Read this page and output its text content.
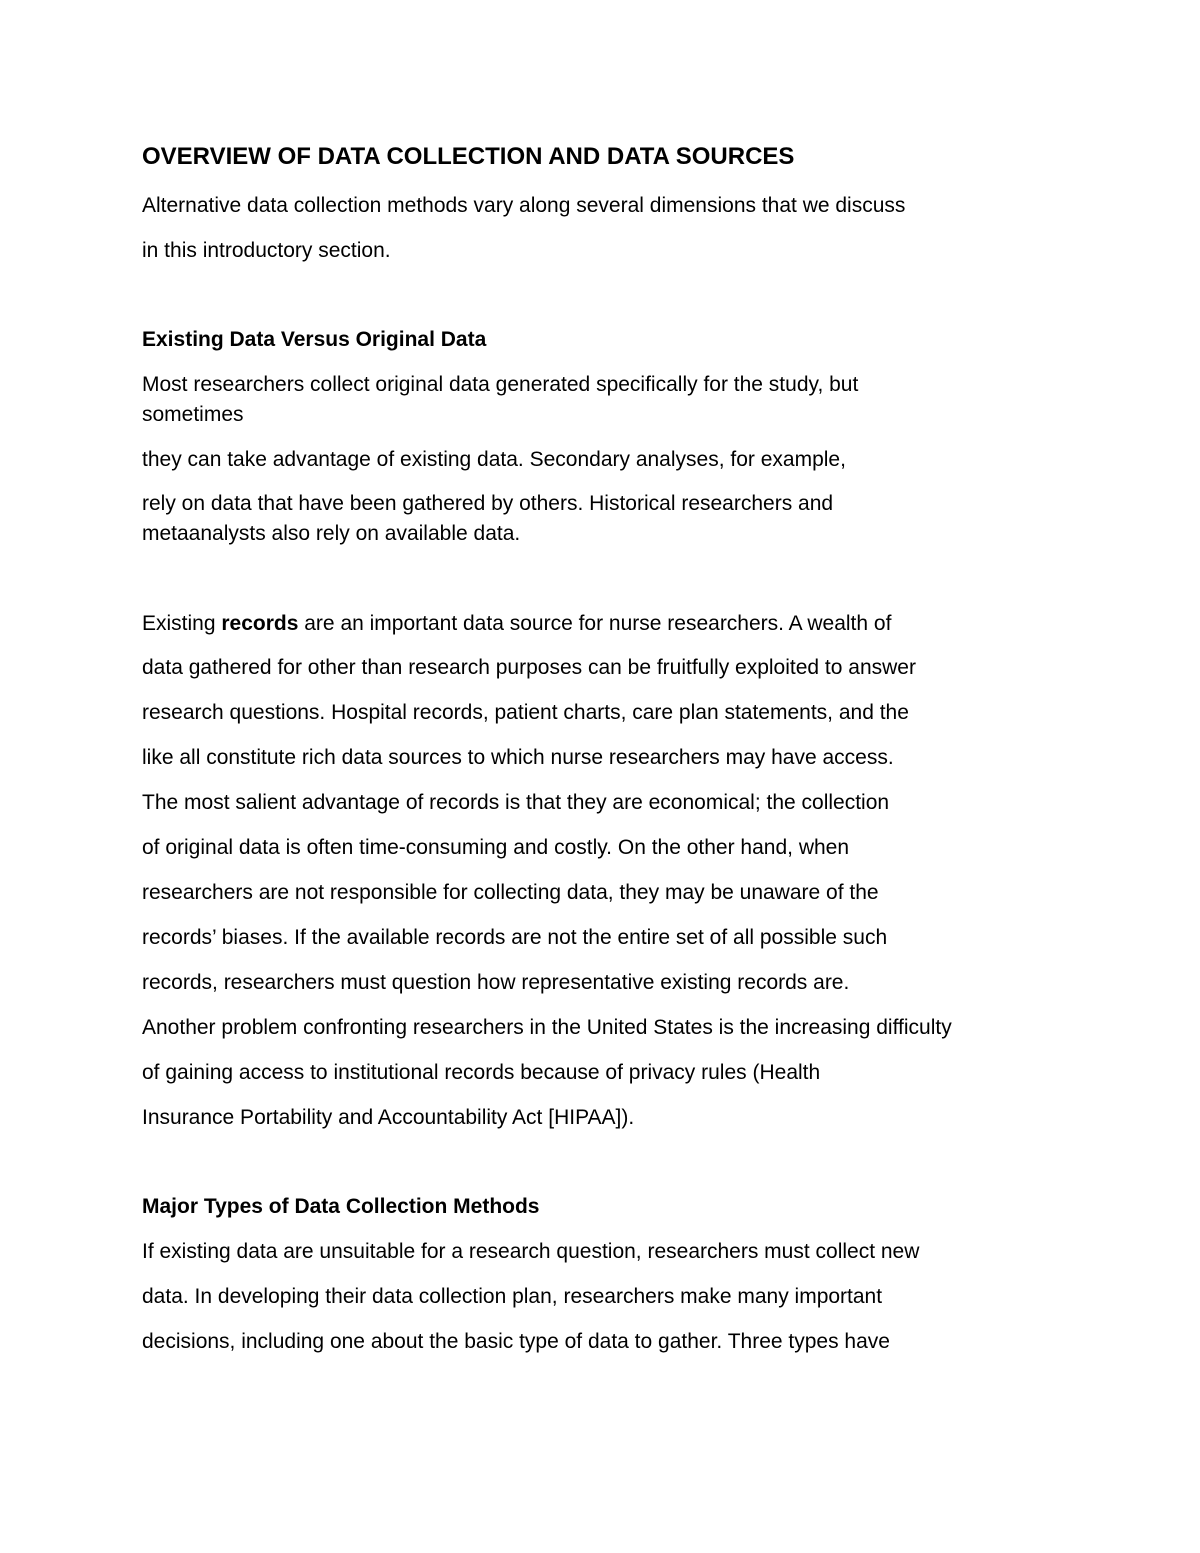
OVERVIEW OF DATA COLLECTION AND DATA SOURCES
Alternative data collection methods vary along several dimensions that we discuss
in this introductory section.
Existing Data Versus Original Data
Most researchers collect original data generated specifically for the study, but
sometimes
they can take advantage of existing data. Secondary analyses, for example,
rely on data that have been gathered by others. Historical researchers and
metaanalysts also rely on available data.
Existing records are an important data source for nurse researchers. A wealth of
data gathered for other than research purposes can be fruitfully exploited to answer
research questions. Hospital records, patient charts, care plan statements, and the
like all constitute rich data sources to which nurse researchers may have access.
The most salient advantage of records is that they are economical; the collection
of original data is often time-consuming and costly. On the other hand, when
researchers are not responsible for collecting data, they may be unaware of the
records’ biases. If the available records are not the entire set of all possible such
records, researchers must question how representative existing records are.
Another problem confronting researchers in the United States is the increasing difficulty
of gaining access to institutional records because of privacy rules (Health
Insurance Portability and Accountability Act [HIPAA]).
Major Types of Data Collection Methods
If existing data are unsuitable for a research question, researchers must collect new
data. In developing their data collection plan, researchers make many important
decisions, including one about the basic type of data to gather. Three types have
